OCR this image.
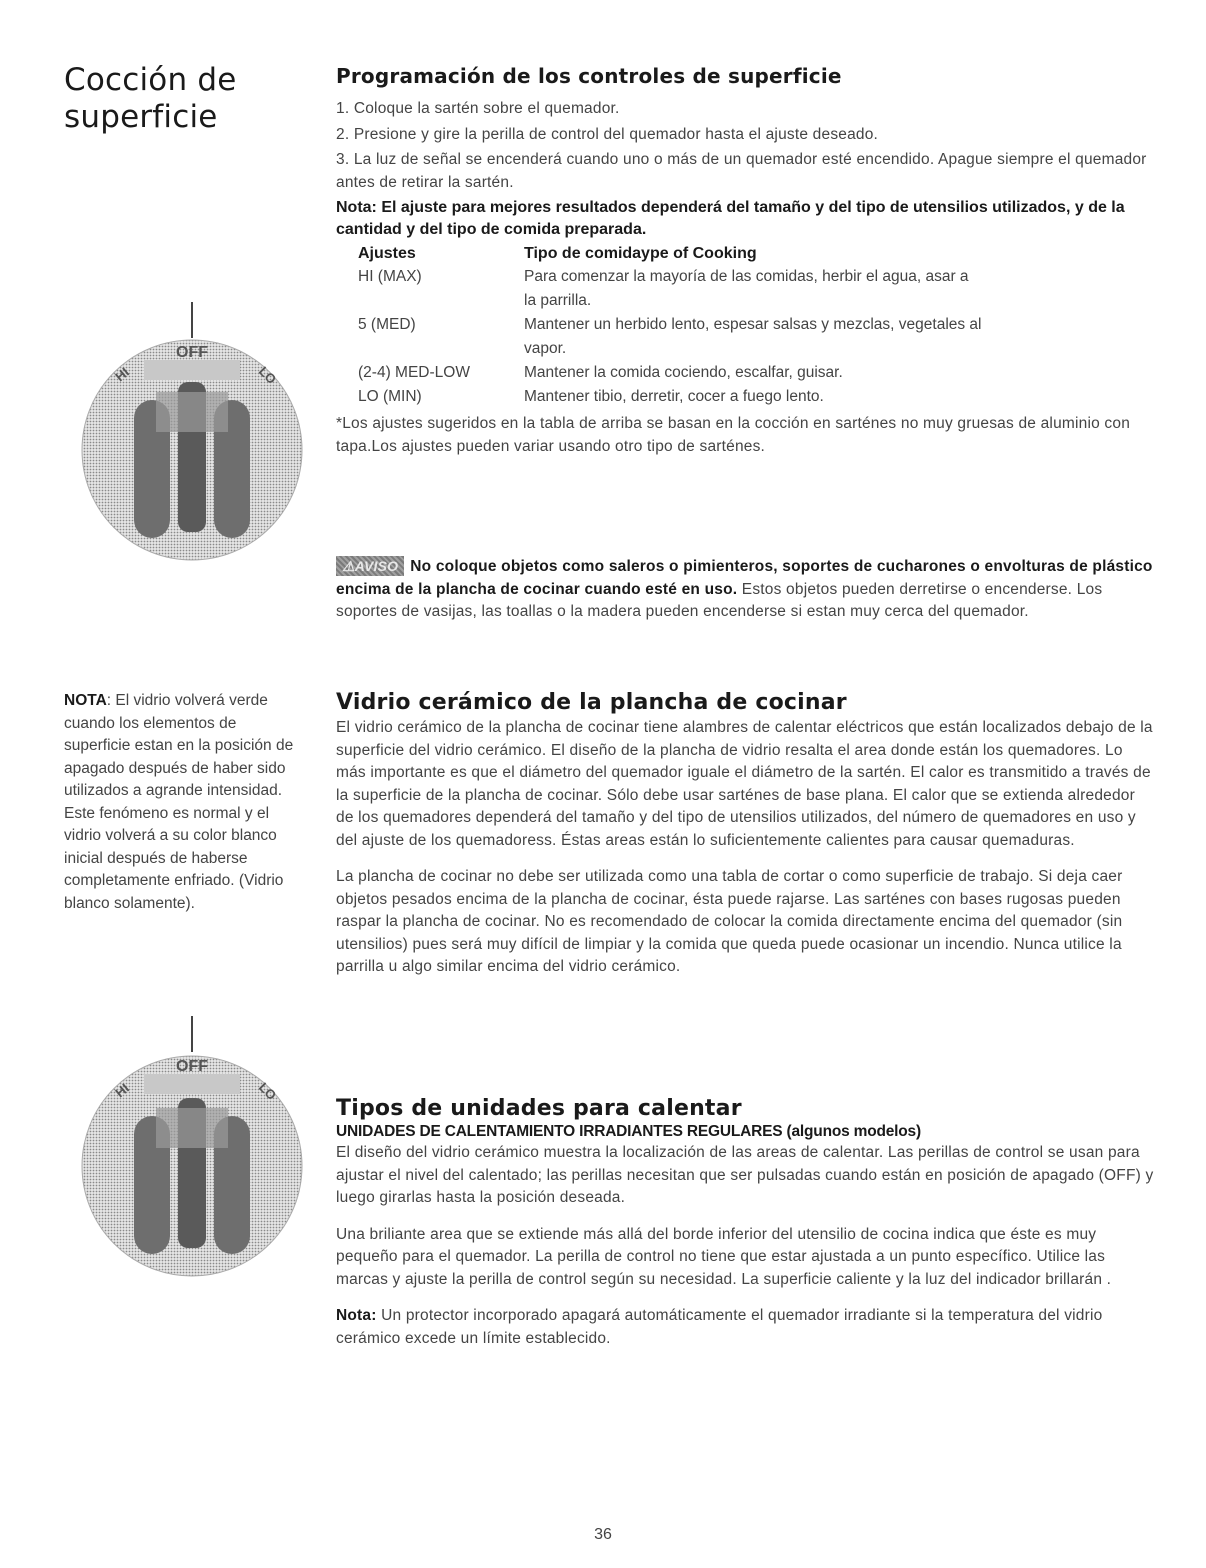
Cocción de superficie
Programación de los controles de superficie
1. Coloque la sartén sobre el quemador.
2. Presione y gire la perilla de control del quemador hasta el ajuste deseado.
3. La luz de señal se encenderá cuando uno o más de un quemador esté encendido. Apague siempre el quemador antes de retirar la sartén.
Nota: El ajuste para mejores resultados dependerá del tamaño y del tipo de utensilios utilizados, y de la cantidad y del tipo de comida preparada.
Ajustes	Tipo de comidaype of Cooking
HI (MAX)	Para comenzar la mayoría de las comidas, herbir el agua, asar a la parrilla.
5 (MED)	Mantener un herbido lento, espesar salsas y mezclas, vegetales al vapor.
(2-4) MED-LOW	Mantener la comida cociendo, escalfar, guisar.
LO (MIN)	Mantener tibio, derretir, cocer a fuego lento.
*Los ajustes sugeridos en la tabla de arriba se basan en la cocción en sarténes no muy gruesas de aluminio con tapa.Los ajustes pueden variar usando otro tipo de sarténes.
⚠AVISO No coloque objetos como saleros o pimienteros, soportes de cucharones o envolturas de plástico encima de la plancha de cocinar cuando esté en uso. Estos objetos pueden derretirse o encenderse. Los soportes de vasijas, las toallas o la madera pueden encenderse si estan muy cerca del quemador.
NOTA: El vidrio volverá verde cuando los elementos de superficie estan en la posición de apagado después de haber sido utilizados a agrande intensidad. Este fenómeno es normal y el vidrio volverá a su color blanco inicial después de haberse completamente enfriado. (Vidrio blanco solamente).
Vidrio cerámico de la plancha de cocinar
El vidrio cerámico de la plancha de cocinar tiene alambres de calentar eléctricos que están localizados debajo de la superficie del vidrio cerámico. El diseño de la plancha de vidrio resalta el area donde están los quemadores. Lo más importante es que el diámetro del quemador iguale el diámetro de la sartén. El calor es transmitido a través de la superficie de la plancha de cocinar. Sólo debe usar sarténes de base plana. El calor que se extienda alrededor de los quemadores dependerá del tamaño y del tipo de utensilios utilizados, del número de quemadores en uso y del ajuste de los quemadoress. Éstas areas están lo suficientemente calientes para causar quemaduras.
La plancha de cocinar no debe ser utilizada como una tabla de cortar o como superficie de trabajo. Si deja caer objetos pesados encima de la plancha de cocinar, ésta puede rajarse. Las sarténes con bases rugosas pueden raspar la plancha de cocinar. No es recomendado de colocar la comida directamente encima del quemador (sin utensilios) pues será muy difícil de limpiar y la comida que queda puede ocasionar un incendio. Nunca utilice la parrilla u algo similar encima del vidrio cerámico.
Tipos de unidades para calentar
UNIDADES DE CALENTAMIENTO IRRADIANTES REGULARES (algunos modelos)
El diseño del vidrio cerámico muestra la localización de las areas de calentar. Las perillas de control se usan para ajustar el nivel del calentado; las perillas necesitan que ser pulsadas cuando están en posición de apagado (OFF) y luego girarlas hasta la posición deseada.
Una briliante area que se extiende más allá del borde inferior del utensilio de cocina indica que éste es muy pequeño para el quemador. La perilla de control no tiene que estar ajustada a un punto específico. Utilice las marcas y ajuste la perilla de control según su necesidad. La superficie caliente y la luz del indicador brillarán .
Nota: Un protector incorporado apagará automáticamente el quemador irradiante si la temperatura del vidrio cerámico excede un límite establecido.
OFF
HI	LO
OFF
HI	LO
36
